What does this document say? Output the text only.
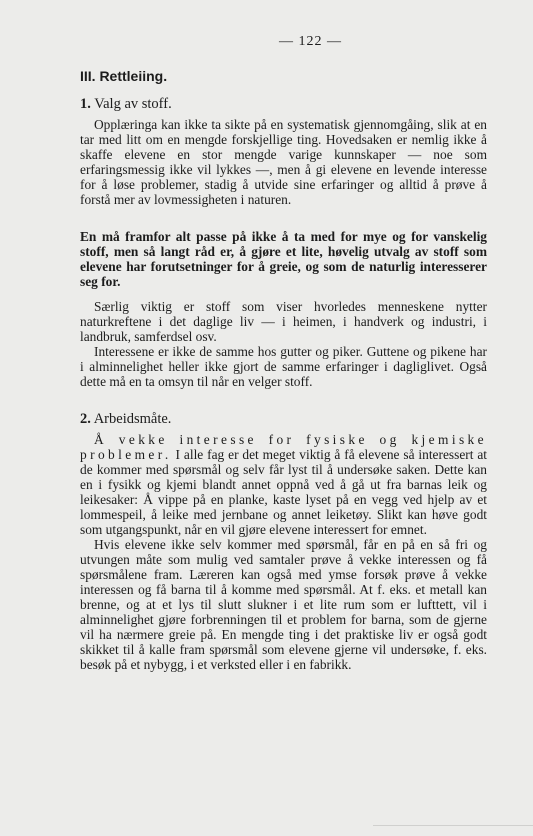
— 122 —
III. Rettleiing.
1. Valg av stoff.

Opplæringa kan ikke ta sikte på en systematisk gjennomgåing, slik at en tar med litt om en mengde forskjellige ting. Hovedsaken er nemlig ikke å skaffe elevene en stor mengde varige kunnskaper — noe som erfaringsmessig ikke vil lykkes —, men å gi elevene en levende interesse for å løse problemer, stadig å utvide sine erfaringer og alltid å prøve å forstå mer av lovmessigheten i naturen.

En må framfor alt passe på ikke å ta med for mye og for vanskelig stoff, men så langt råd er, å gjøre et lite, høvelig utvalg av stoff som elevene har forutsetninger for å greie, og som de naturlig interesserer seg for.

Særlig viktig er stoff som viser hvorledes menneskene nytter naturkreftene i det daglige liv — i heimen, i handverk og industri, i landbruk, samferdsel osv.

Interessene er ikke de samme hos gutter og piker. Guttene og pikene har i alminnelighet heller ikke gjort de samme erfaringer i dagliglivet. Også dette må en ta omsyn til når en velger stoff.

2. Arbeidsmåte.

Å vekke interesse for fysiske og kjemiske problemer. I alle fag er det meget viktig å få elevene så interessert at de kommer med spørsmål og selv får lyst til å undersøke saken. Dette kan en i fysikk og kjemi blandt annet oppnå ved å gå ut fra barnas leik og leikesaker: Å vippe på en planke, kaste lyset på en vegg ved hjelp av et lommespeil, å leike med jernbane og annet leiketøy. Slikt kan høve godt som utgangspunkt, når en vil gjøre elevene interessert for emnet.

Hvis elevene ikke selv kommer med spørsmål, får en på en så fri og utvungen måte som mulig ved samtaler prøve å vekke interessen og få spørsmålene fram. Læreren kan også med ymse forsøk prøve å vekke interessen og få barna til å komme med spørsmål. At f. eks. et metall kan brenne, og at et lys til slutt slukner i et lite rum som er lufttett, vil i alminnelighet gjøre forbrenningen til et problem for barna, som de gjerne vil ha nærmere greie på. En mengde ting i det praktiske liv er også godt skikket til å kalle fram spørsmål som elevene gjerne vil undersøke, f. eks. besøk på et nybygg, i et verksted eller i en fabrikk.
